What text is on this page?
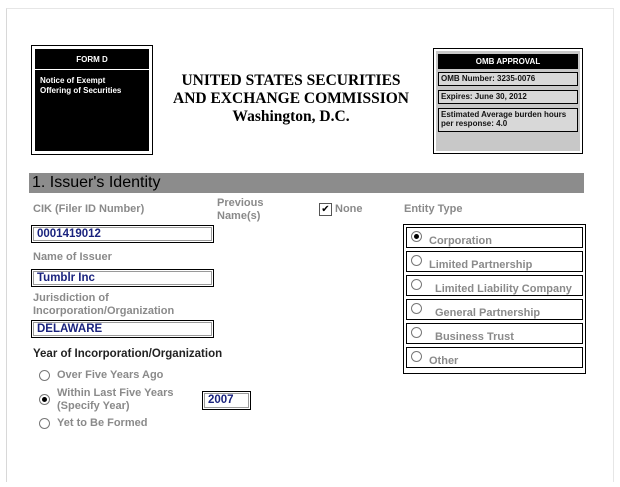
FORM D
Notice of Exempt
Offering of Securities
UNITED STATES SECURITIES
AND EXCHANGE COMMISSION
Washington, D.C.
OMB APPROVAL
OMB Number: 3235-0076
Expires: June 30, 2012
Estimated Average burden hours
per response: 4.0
1. Issuer's Identity
CIK (Filer ID Number)
0001419012
Name of Issuer
Tumblr Inc
Jurisdiction of
Incorporation/Organization
DELAWARE
Previous
Name(s)
✔ None	Entity Type
Corporation
Limited Partnership
Limited Liability Company
General Partnership
Business Trust
Other
Year of Incorporation/Organization
Over Five Years Ago
Within Last Five Years
(Specify Year)	2007
Yet to Be Formed
